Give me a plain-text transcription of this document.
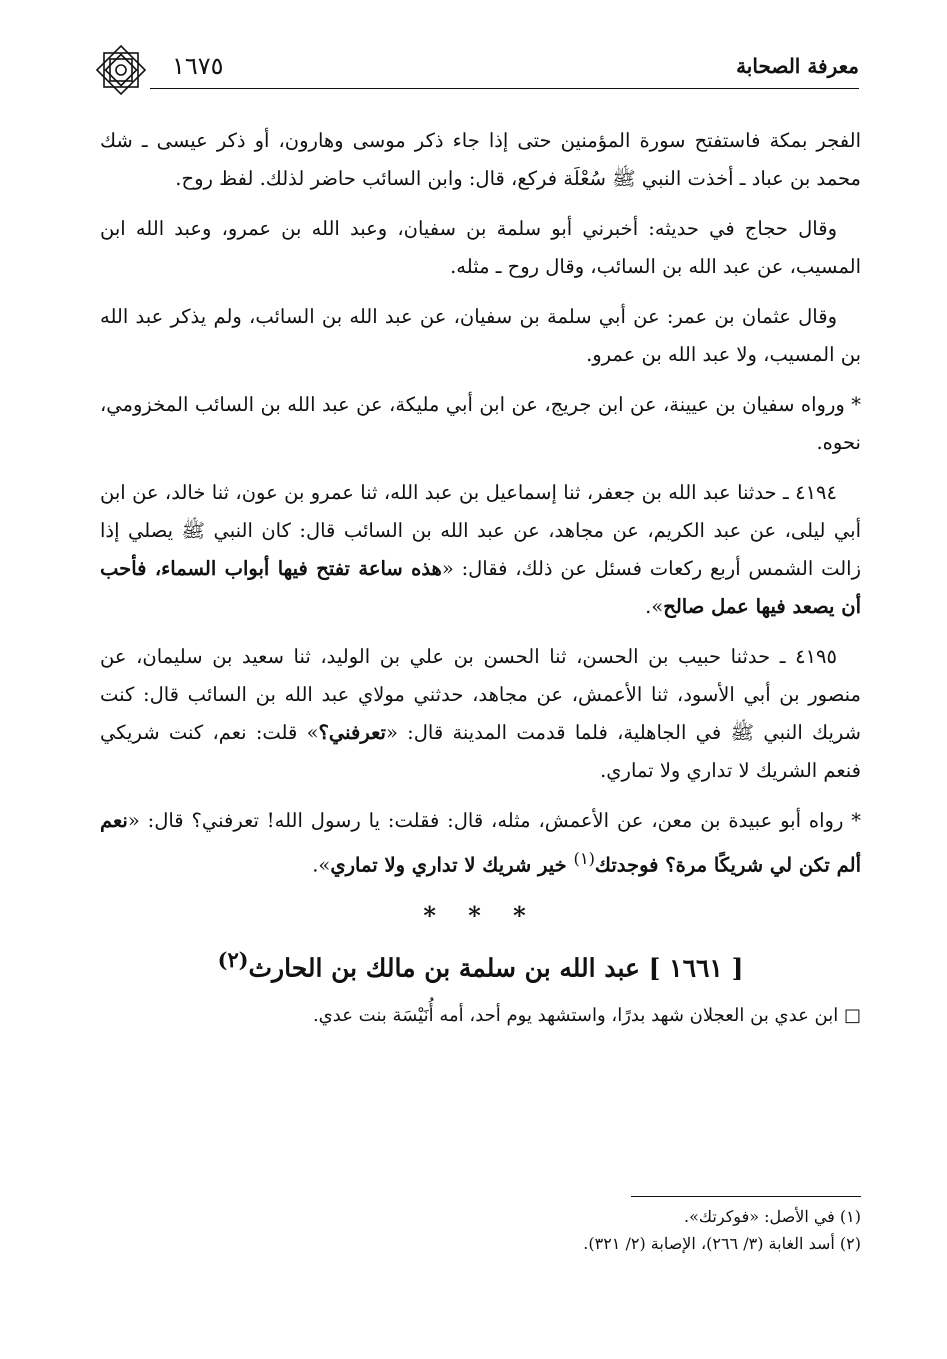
معرفة الصحابة
١٦٧٥

الفجر بمكة فاستفتح سورة المؤمنين حتى إذا جاء ذكر موسى وهارون، أو ذكر عيسى ـ شك محمد بن عباد ـ أخذت النبي ﷺ سُعْلَة فركع، قال: وابن السائب حاضر لذلك. لفظ روح.

وقال حجاج في حديثه: أخبرني أبو سلمة بن سفيان، وعبد الله بن عمرو، وعبد الله ابن المسيب، عن عبد الله بن السائب، وقال روح ـ مثله.

وقال عثمان بن عمر: عن أبي سلمة بن سفيان، عن عبد الله بن السائب، ولم يذكر عبد الله بن المسيب، ولا عبد الله بن عمرو.

* ورواه سفيان بن عيينة، عن ابن جريج، عن ابن أبي مليكة، عن عبد الله بن السائب المخزومي، نحوه.

٤١٩٤ ـ حدثنا عبد الله بن جعفر، ثنا إسماعيل بن عبد الله، ثنا عمرو بن عون، ثنا خالد، عن ابن أبي ليلى، عن عبد الكريم، عن مجاهد، عن عبد الله بن السائب قال: كان النبي ﷺ يصلي إذا زالت الشمس أربع ركعات فسئل عن ذلك، فقال: «هذه ساعة تفتح فيها أبواب السماء، فأحب أن يصعد فيها عمل صالح».

٤١٩٥ ـ حدثنا حبيب بن الحسن، ثنا الحسن بن علي بن الوليد، ثنا سعيد بن سليمان، عن منصور بن أبي الأسود، ثنا الأعمش، عن مجاهد، حدثني مولاي عبد الله بن السائب قال: كنت شريك النبي ﷺ في الجاهلية، فلما قدمت المدينة قال: «تعرفني؟» قلت: نعم، كنت شريكي فنعم الشريك لا تداري ولا تماري.

* رواه أبو عبيدة بن معن، عن الأعمش، مثله، قال: فقلت: يا رسول الله! تعرفني؟ قال: «نعم ألم تكن لي شريكًا مرة؟ فوجدتك$^{(١)}$ خير شريك لا تداري ولا تماري».

* * *

[ ١٦٦١ ] عبد الله بن سلمة بن مالك بن الحارث$^{(٢)}$

□ ابن عدي بن العجلان شهد بدرًا، واستشهد يوم أحد، أمه أُنَيْسَة بنت عدي.

(١) في الأصل: «فوكرتك».

(٢) أسد الغابة (٣/ ٢٦٦)، الإصابة (٢/ ٣٢١).
